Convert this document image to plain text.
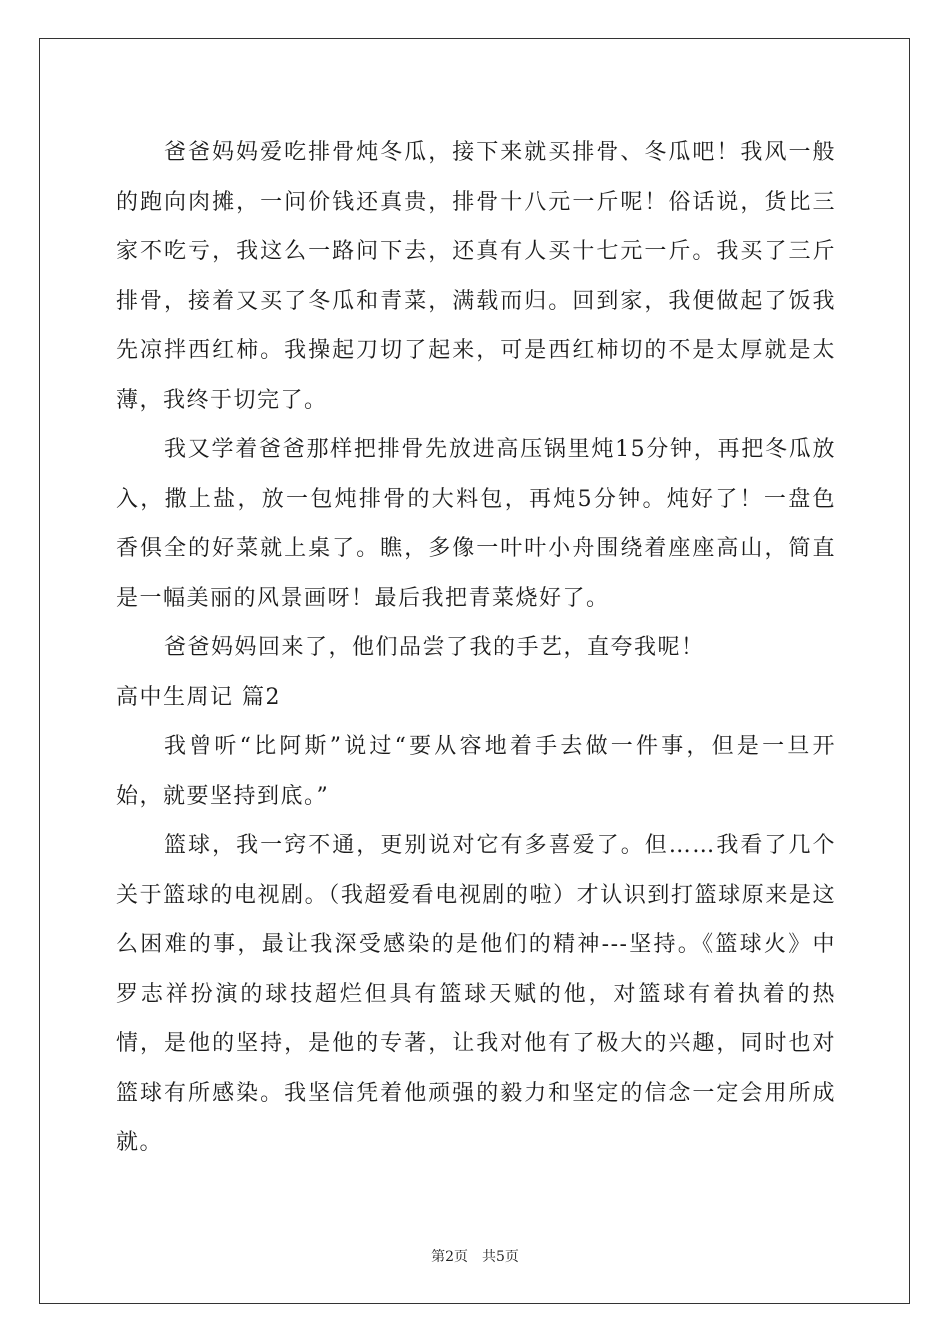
爸爸妈妈爱吃排骨炖冬瓜，接下来就买排骨、冬瓜吧！我风一般的跑向肉摊，一问价钱还真贵，排骨十八元一斤呢！俗话说，货比三家不吃亏，我这么一路问下去，还真有人买十七元一斤。我买了三斤排骨，接着又买了冬瓜和青菜，满载而归。回到家，我便做起了饭我先凉拌西红柿。我操起刀切了起来，可是西红柿切的不是太厚就是太薄，我终于切完了。

我又学着爸爸那样把排骨先放进高压锅里炖15分钟，再把冬瓜放入，撒上盐，放一包炖排骨的大料包，再炖5分钟。炖好了！一盘色香俱全的好菜就上桌了。瞧，多像一叶叶小舟围绕着座座高山，简直是一幅美丽的风景画呀！最后我把青菜烧好了。

爸爸妈妈回来了，他们品尝了我的手艺，直夸我呢！

高中生周记 篇2

我曾听“比阿斯”说过“要从容地着手去做一件事，但是一旦开始，就要坚持到底。”

篮球，我一窍不通，更别说对它有多喜爱了。但……我看了几个关于篮球的电视剧。（我超爱看电视剧的啦）才认识到打篮球原来是这么困难的事，最让我深受感染的是他们的精神---坚持。《篮球火》中罗志祥扮演的球技超烂但具有篮球天赋的他，对篮球有着执着的热情，是他的坚持，是他的专著，让我对他有了极大的兴趣，同时也对篮球有所感染。我坚信凭着他顽强的毅力和坚定的信念一定会用所成就。

第2页 共5页
